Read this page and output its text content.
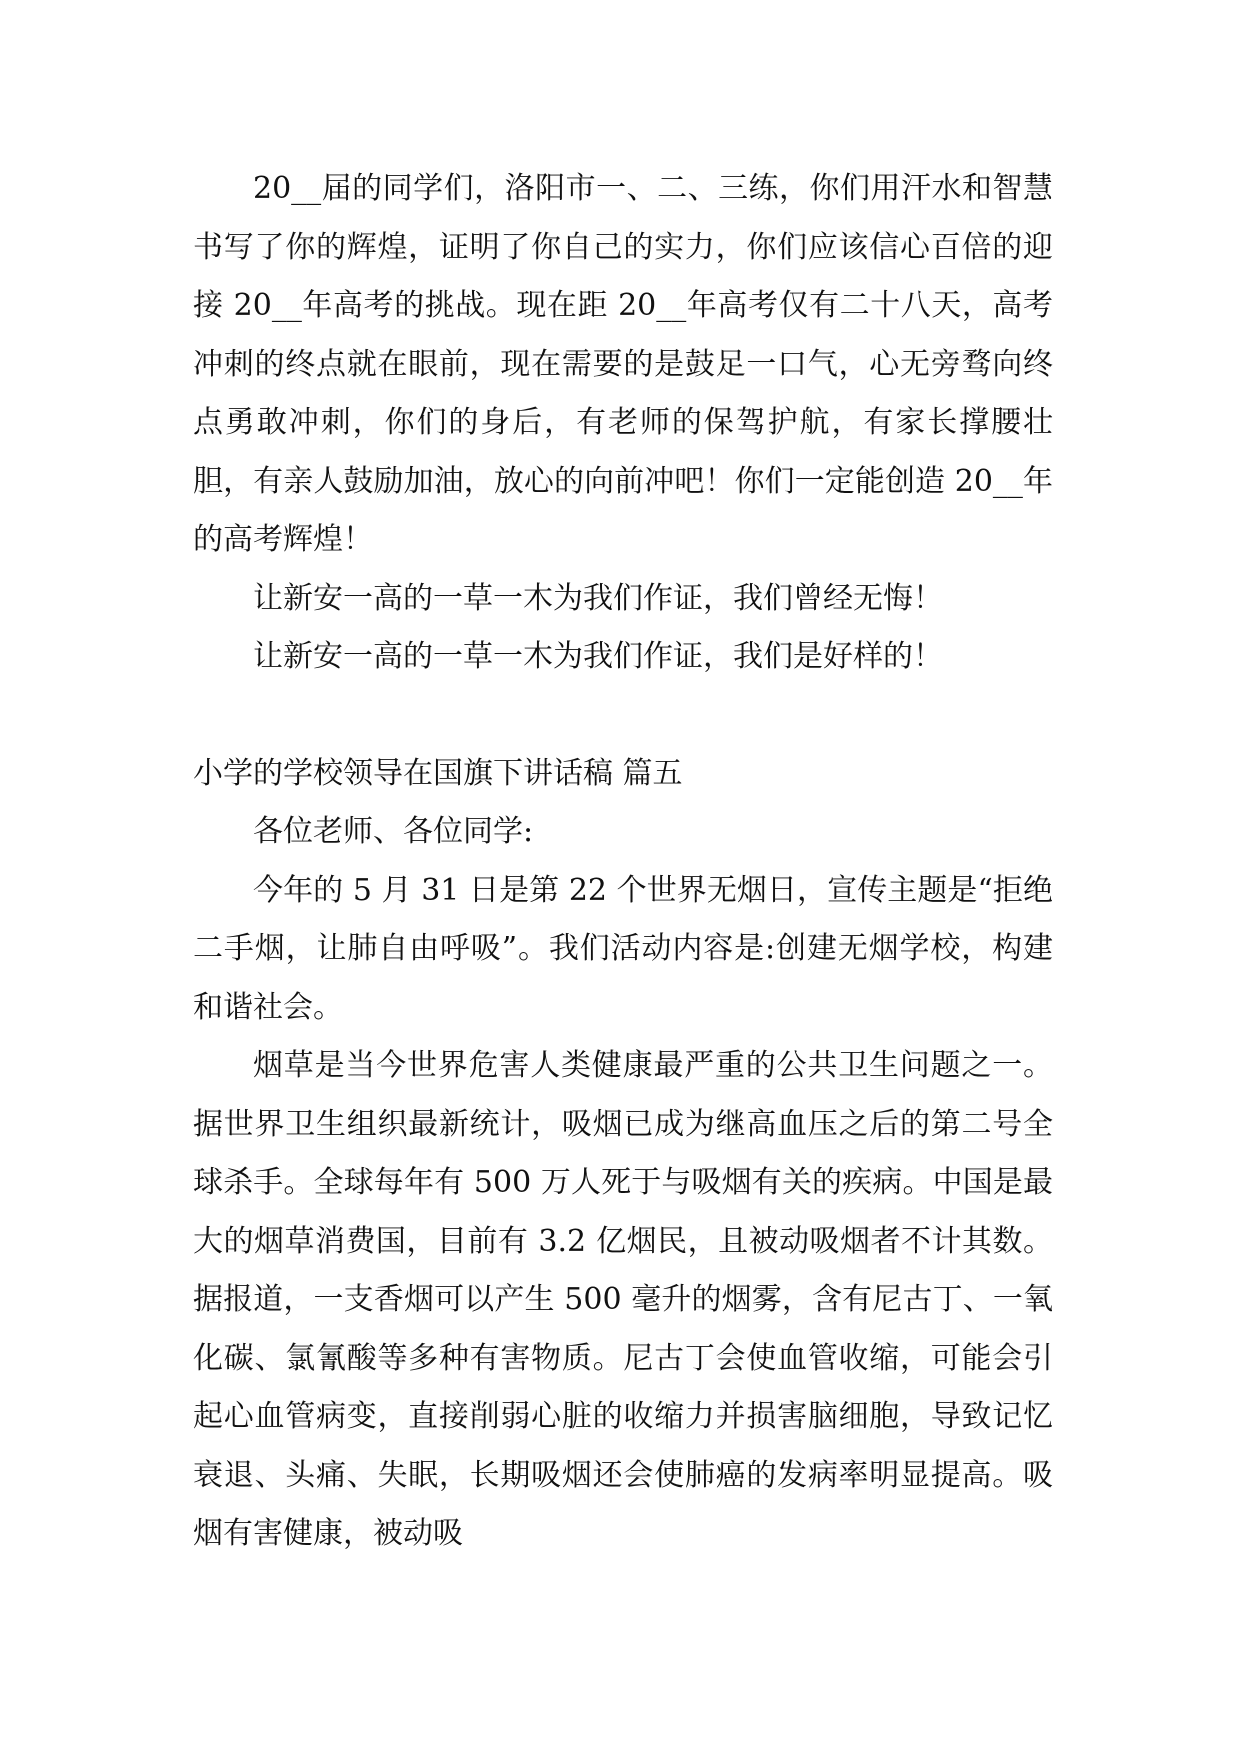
20__届的同学们，洛阳市一、二、三练，你们用汗水和智慧书写了你的辉煌，证明了你自己的实力，你们应该信心百倍的迎接 20__年高考的挑战。现在距 20__年高考仅有二十八天，高考冲刺的终点就在眼前，现在需要的是鼓足一口气，心无旁骛向终点勇敢冲刺，你们的身后，有老师的保驾护航，有家长撑腰壮胆，有亲人鼓励加油，放心的向前冲吧！你们一定能创造 20__年的高考辉煌！

让新安一高的一草一木为我们作证，我们曾经无悔！

让新安一高的一草一木为我们作证，我们是好样的！

小学的学校领导在国旗下讲话稿 篇五

各位老师、各位同学:

今年的 5 月 31 日是第 22 个世界无烟日，宣传主题是“拒绝二手烟，让肺自由呼吸”。我们活动内容是:创建无烟学校，构建和谐社会。

烟草是当今世界危害人类健康最严重的公共卫生问题之一。据世界卫生组织最新统计，吸烟已成为继高血压之后的第二号全球杀手。全球每年有 500 万人死于与吸烟有关的疾病。中国是最大的烟草消费国，目前有 3.2 亿烟民，且被动吸烟者不计其数。据报道，一支香烟可以产生 500 毫升的烟雾，含有尼古丁、一氧化碳、氯氰酸等多种有害物质。尼古丁会使血管收缩，可能会引起心血管病变，直接削弱心脏的收缩力并损害脑细胞，导致记忆衰退、头痛、失眠，长期吸烟还会使肺癌的发病率明显提高。吸烟有害健康，被动吸
